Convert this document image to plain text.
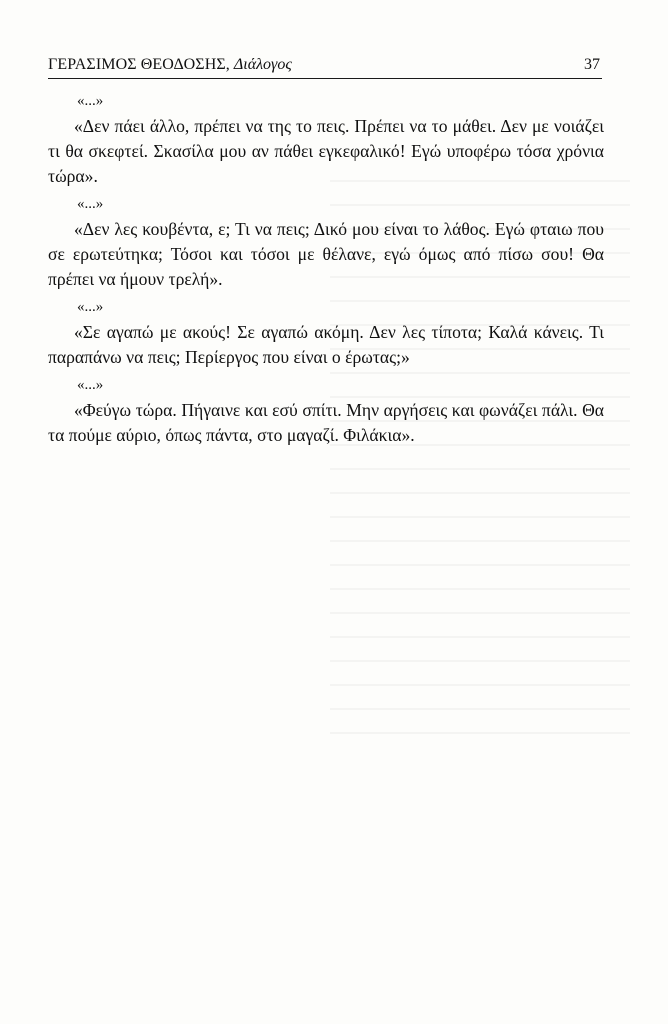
ΓΕΡΑΣΙΜΟΣ ΘΕΟΔΟΣΗΣ, Διάλογος	37

«...»

«Δεν πάει άλλο, πρέπει να της το πεις. Πρέπει να το μάθει. Δεν με νοιάζει τι θα σκεφτεί. Σκασίλα μου αν πάθει εγκεφαλικό! Εγώ υποφέρω τόσα χρόνια τώρα».

«...»

«Δεν λες κουβέντα, ε; Τι να πεις; Δικό μου είναι το λάθος. Εγώ φταιω που σε ερωτεύτηκα; Τόσοι και τόσοι με θέλανε, εγώ όμως από πίσω σου! Θα πρέπει να ήμουν τρελή».

«...»

«Σε αγαπώ με ακούς! Σε αγαπώ ακόμη. Δεν λες τίποτα; Καλά κάνεις. Τι παραπάνω να πεις; Περίεργος που είναι ο έρωτας;»

«...»

«Φεύγω τώρα. Πήγαινε και εσύ σπίτι. Μην αργήσεις και φωνάζει πάλι. Θα τα πούμε αύριο, όπως πάντα, στο μαγαζί. Φιλάκια».
